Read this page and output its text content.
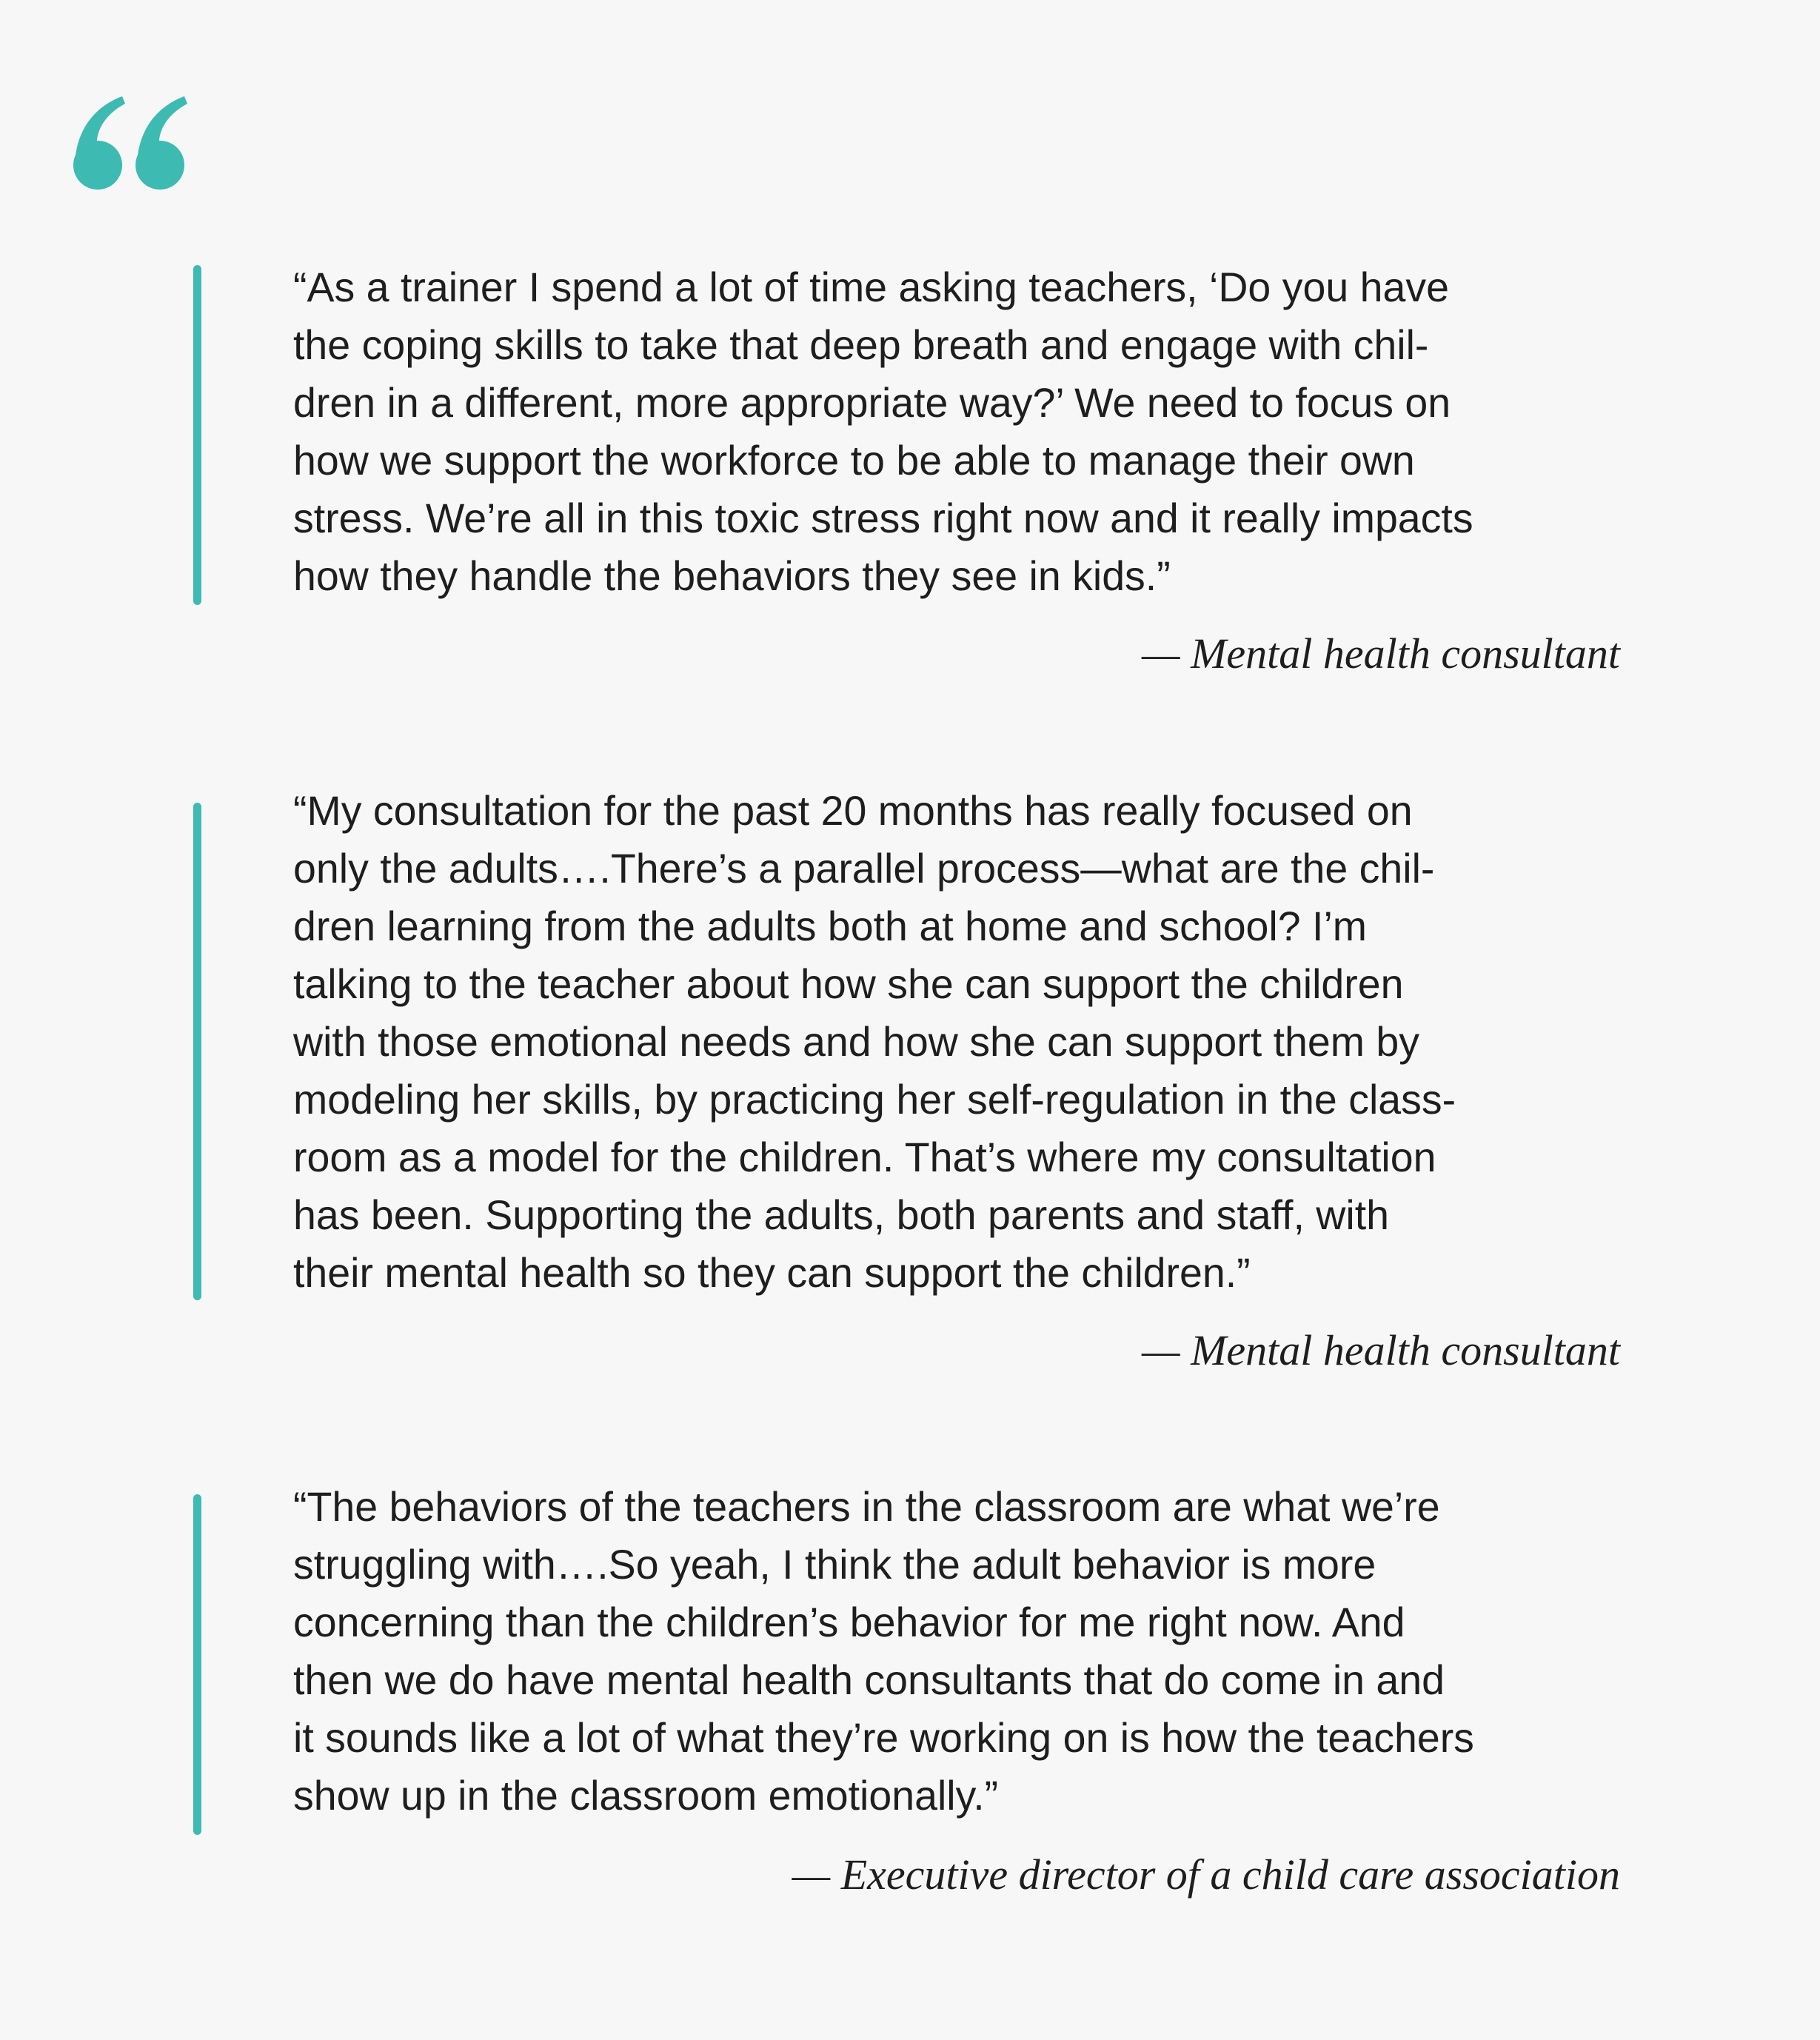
“As a trainer I spend a lot of time asking teachers, ‘Do you have
the coping skills to take that deep breath and engage with chil-
dren in a different, more appropriate way?’ We need to focus on
how we support the workforce to be able to manage their own
stress. We’re all in this toxic stress right now and it really impacts
how they handle the behaviors they see in kids.”

— Mental health consultant

“My consultation for the past 20 months has really focused on
only the adults….There’s a parallel process—what are the chil-
dren learning from the adults both at home and school? I’m
talking to the teacher about how she can support the children
with those emotional needs and how she can support them by
modeling her skills, by practicing her self-regulation in the class-
room as a model for the children. That’s where my consultation
has been. Supporting the adults, both parents and staff, with
their mental health so they can support the children.”

— Mental health consultant

“The behaviors of the teachers in the classroom are what we’re
struggling with….So yeah, I think the adult behavior is more
concerning than the children’s behavior for me right now. And
then we do have mental health consultants that do come in and
it sounds like a lot of what they’re working on is how the teachers
show up in the classroom emotionally.”

— Executive director of a child care association
